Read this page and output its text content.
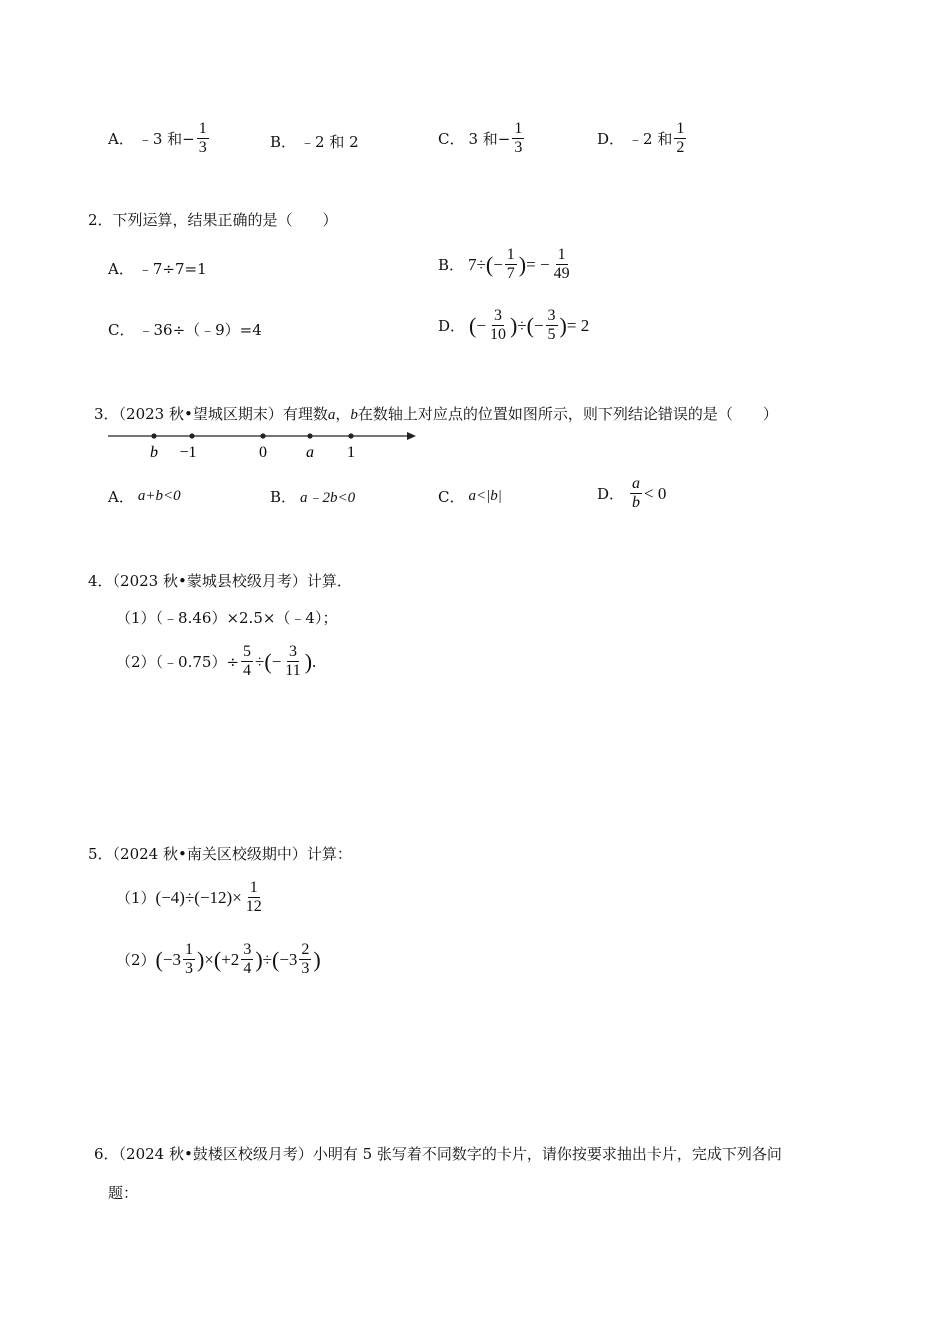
A． ﹣3 和− $\frac{1}{3}$	B． ﹣2 和 2	C． 3 和− $\frac{1}{3}$	D． ﹣2 和 $\frac{1}{2}$
2．下列运算，结果正确的是（　　）
A． ﹣7÷7=1	B． 7÷ ( − $\frac{1}{7}$ ) = − $\frac{1}{49}$
C． ﹣36÷（﹣9）=4	D． ( − $\frac{3}{10}$ ) ÷ ( − $\frac{3}{5}$ ) = 2
3．（2023 秋•望城区期末）有理数a，b在数轴上对应点的位置如图所示，则下列结论错误的是（　　）
b −1	0 a 1
A． a+b<0	B． a﹣2b<0	C． a<|b|	D． $\frac{a}{b} < 0$
4．（2023 秋•蒙城县校级月考）计算．
（1）（﹣8.46）×2.5×（﹣4）；
（2）（﹣0.75）÷ $\frac{5}{4}$ ÷ ( − $\frac{3}{11}$ ) .
5．（2024 秋•南关区校级期中）计算：
（1） $(-4)\div(-12)\times \frac{1}{12}$
（2） ( $-3 \frac{1}{3}$ ) × ( $+2 \frac{3}{4}$ ) ÷ ( $-3 \frac{2}{3}$ )
6．（2024 秋•鼓楼区校级月考）小明有 5 张写着不同数字的卡片，请你按要求抽出卡片，完成下列各问
题：
